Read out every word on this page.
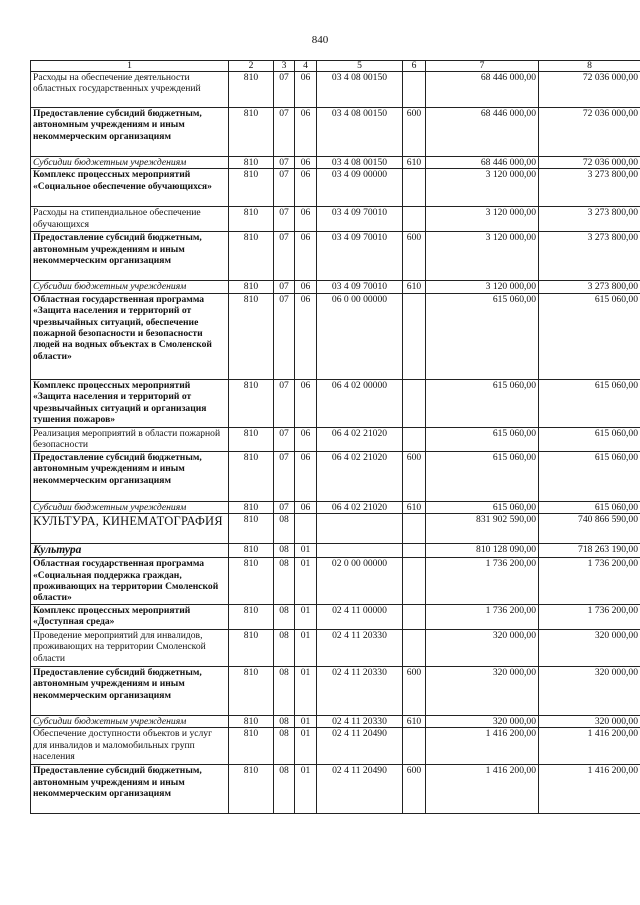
840
1	2	3	4	5	6	7	8
Расходы на обеспечение деятельности областных государственных учреждений	810	07	06	03 4 08 00150		68 446 000,00	72 036 000,00
Предоставление субсидий бюджетным, автономным учреждениям и иным некоммерческим организациям	810	07	06	03 4 08 00150	600	68 446 000,00	72 036 000,00
Субсидии бюджетным учреждениям	810	07	06	03 4 08 00150	610	68 446 000,00	72 036 000,00
Комплекс процессных мероприятий «Социальное обеспечение обучающихся»	810	07	06	03 4 09 00000		3 120 000,00	3 273 800,00
Расходы на стипендиальное обеспечение обучающихся	810	07	06	03 4 09 70010		3 120 000,00	3 273 800,00
Предоставление субсидий бюджетным, автономным учреждениям и иным некоммерческим организациям	810	07	06	03 4 09 70010	600	3 120 000,00	3 273 800,00
Субсидии бюджетным учреждениям	810	07	06	03 4 09 70010	610	3 120 000,00	3 273 800,00
Областная государственная программа «Защита населения и территорий от чрезвычайных ситуаций, обеспечение пожарной безопасности и безопасности людей на водных объектах в Смоленской области»	810	07	06	06 0 00 00000		615 060,00	615 060,00
Комплекс процессных мероприятий «Защита населения и территорий от чрезвычайных ситуаций и организация тушения пожаров»	810	07	06	06 4 02 00000		615 060,00	615 060,00
Реализация мероприятий в области пожарной безопасности	810	07	06	06 4 02 21020		615 060,00	615 060,00
Предоставление субсидий бюджетным, автономным учреждениям и иным некоммерческим организациям	810	07	06	06 4 02 21020	600	615 060,00	615 060,00
Субсидии бюджетным учреждениям	810	07	06	06 4 02 21020	610	615 060,00	615 060,00
КУЛЬТУРА, КИНЕМАТОГРАФИЯ	810	08				831 902 590,00	740 866 590,00
Культура	810	08	01			810 128 090,00	718 263 190,00
Областная государственная программа «Социальная поддержка граждан, проживающих на территории Смоленской области»	810	08	01	02 0 00 00000		1 736 200,00	1 736 200,00
Комплекс процессных мероприятий «Доступная среда»	810	08	01	02 4 11 00000		1 736 200,00	1 736 200,00
Проведение мероприятий для инвалидов, проживающих на территории Смоленской области	810	08	01	02 4 11 20330		320 000,00	320 000,00
Предоставление субсидий бюджетным, автономным учреждениям и иным некоммерческим организациям	810	08	01	02 4 11 20330	600	320 000,00	320 000,00
Субсидии бюджетным учреждениям	810	08	01	02 4 11 20330	610	320 000,00	320 000,00
Обеспечение доступности объектов и услуг для инвалидов и маломобильных групп населения	810	08	01	02 4 11 20490		1 416 200,00	1 416 200,00
Предоставление субсидий бюджетным, автономным учреждениям и иным некоммерческим организациям	810	08	01	02 4 11 20490	600	1 416 200,00	1 416 200,00
